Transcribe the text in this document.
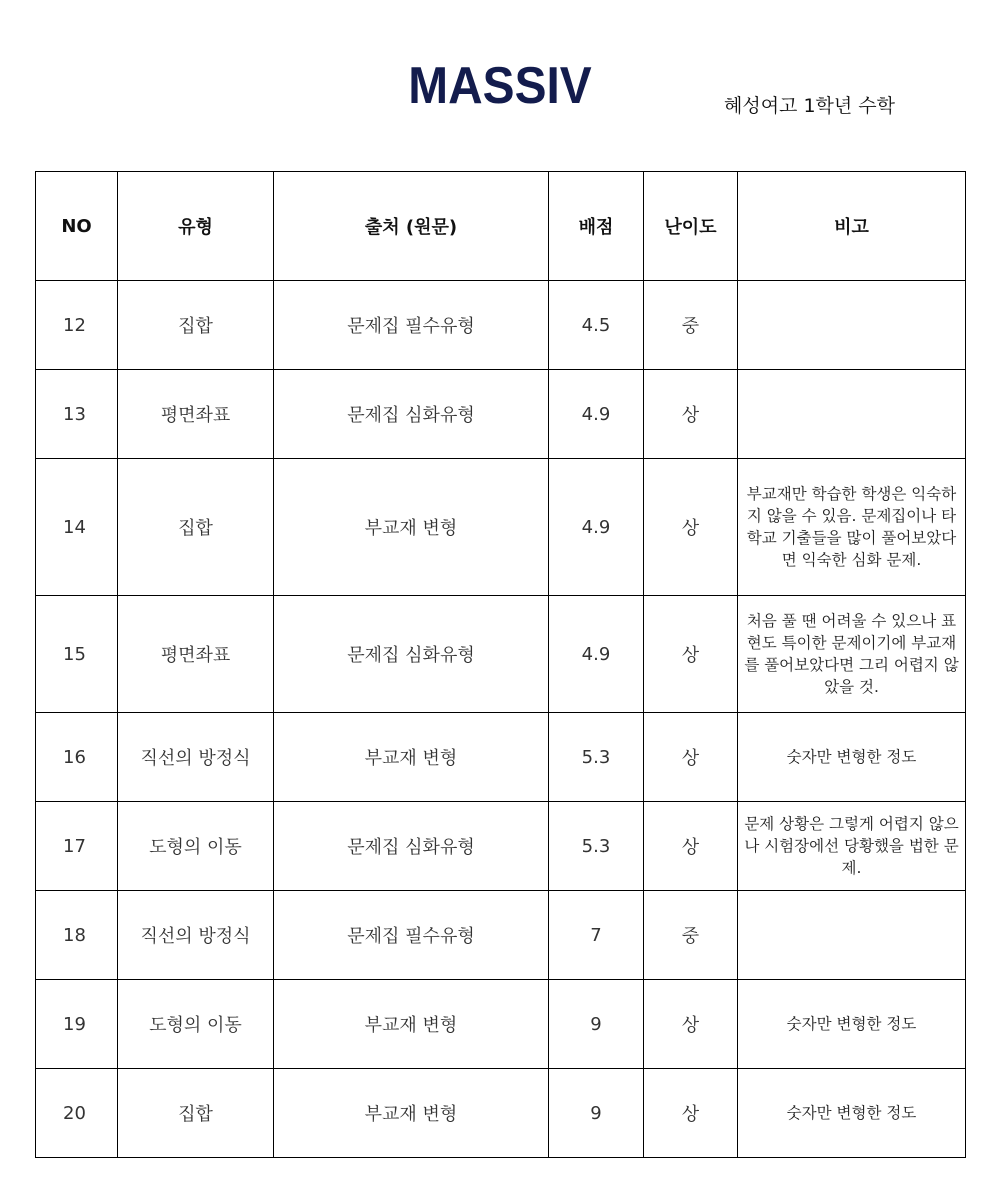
MASSIV	혜성여고 1학년 수학
NO	유형	출처 (원문)	배점	난이도	비고
12	집합	문제집 필수유형	4.5	중	
13	평면좌표	문제집 심화유형	4.9	상	
14	집합	부교재 변형	4.9	상	부교재만 학습한 학생은 익숙하지 않을 수 있음. 문제집이나 타학교 기출들을 많이 풀어보았다면 익숙한 심화 문제.
15	평면좌표	문제집 심화유형	4.9	상	처음 풀 땐 어려울 수 있으나 표현도 특이한 문제이기에 부교재를 풀어보았다면 그리 어렵지 않았을 것.
16	직선의 방정식	부교재 변형	5.3	상	숫자만 변형한 정도
17	도형의 이동	문제집 심화유형	5.3	상	문제 상황은 그렇게 어렵지 않으나 시험장에선 당황했을 법한 문제.
18	직선의 방정식	문제집 필수유형	7	중	
19	도형의 이동	부교재 변형	9	상	숫자만 변형한 정도
20	집합	부교재 변형	9	상	숫자만 변형한 정도
